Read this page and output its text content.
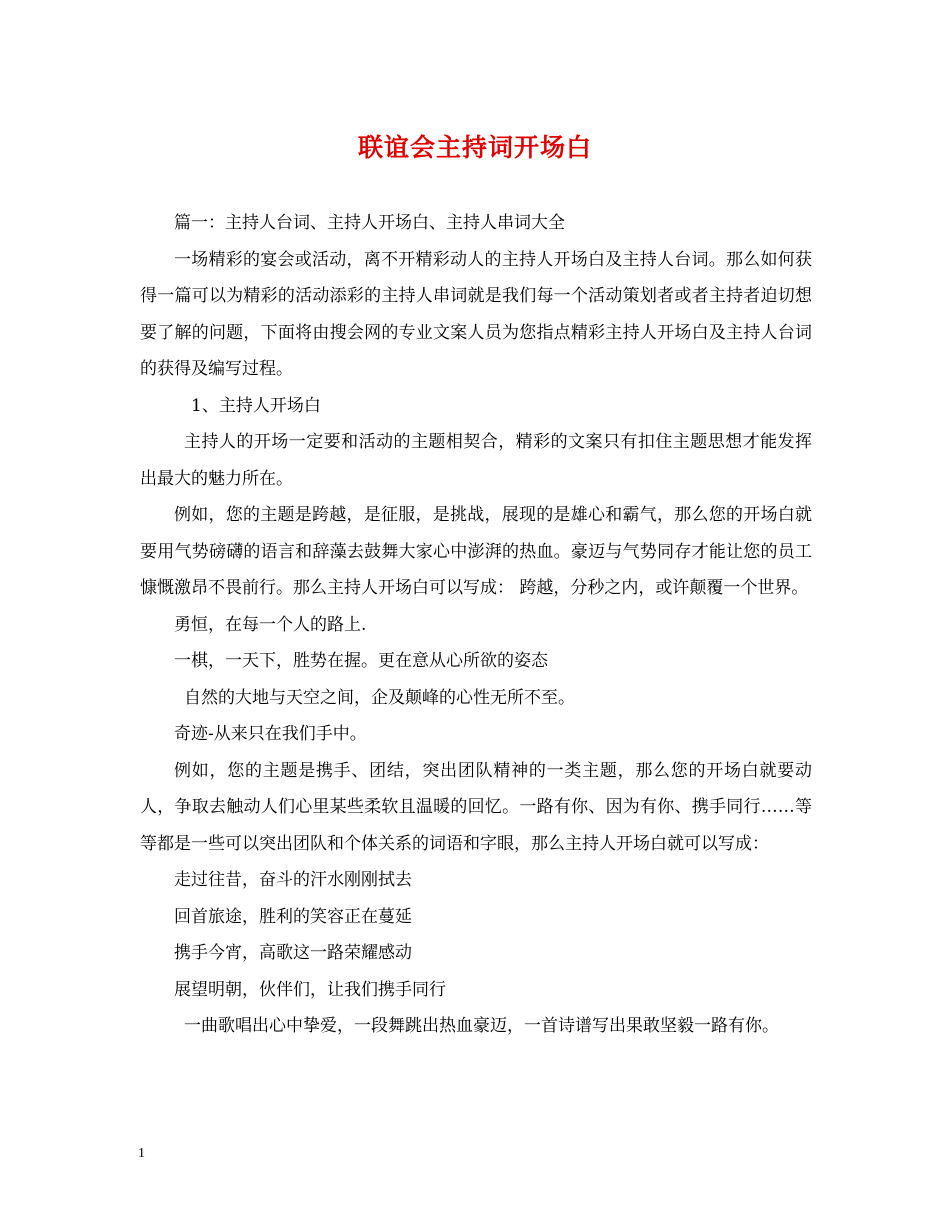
联谊会主持词开场白

篇一：主持人台词、主持人开场白、主持人串词大全

一场精彩的宴会或活动，离不开精彩动人的主持人开场白及主持人台词。那么如何获得一篇可以为精彩的活动添彩的主持人串词就是我们每一个活动策划者或者主持者迫切想要了解的问题，下面将由搜会网的专业文案人员为您指点精彩主持人开场白及主持人台词的获得及编写过程。

1、主持人开场白

主持人的开场一定要和活动的主题相契合，精彩的文案只有扣住主题思想才能发挥出最大的魅力所在。

例如，您的主题是跨越，是征服，是挑战，展现的是雄心和霸气，那么您的开场白就要用气势磅礴的语言和辞藻去鼓舞大家心中澎湃的热血。豪迈与气势同存才能让您的员工慷慨激昂不畏前行。那么主持人开场白可以写成： 跨越，分秒之内，或许颠覆一个世界。

勇恒，在每一个人的路上.

一棋，一天下，胜势在握。更在意从心所欲的姿态

自然的大地与天空之间，企及颠峰的心性无所不至。

奇迹-从来只在我们手中。

例如，您的主题是携手、团结，突出团队精神的一类主题，那么您的开场白就要动人，争取去触动人们心里某些柔软且温暖的回忆。一路有你、因为有你、携手同行……等等都是一些可以突出团队和个体关系的词语和字眼，那么主持人开场白就可以写成：

走过往昔，奋斗的汗水刚刚拭去

回首旅途，胜利的笑容正在蔓延

携手今宵，高歌这一路荣耀感动

展望明朝，伙伴们，让我们携手同行

一曲歌唱出心中挚爱，一段舞跳出热血豪迈，一首诗谱写出果敢坚毅一路有你。

1
